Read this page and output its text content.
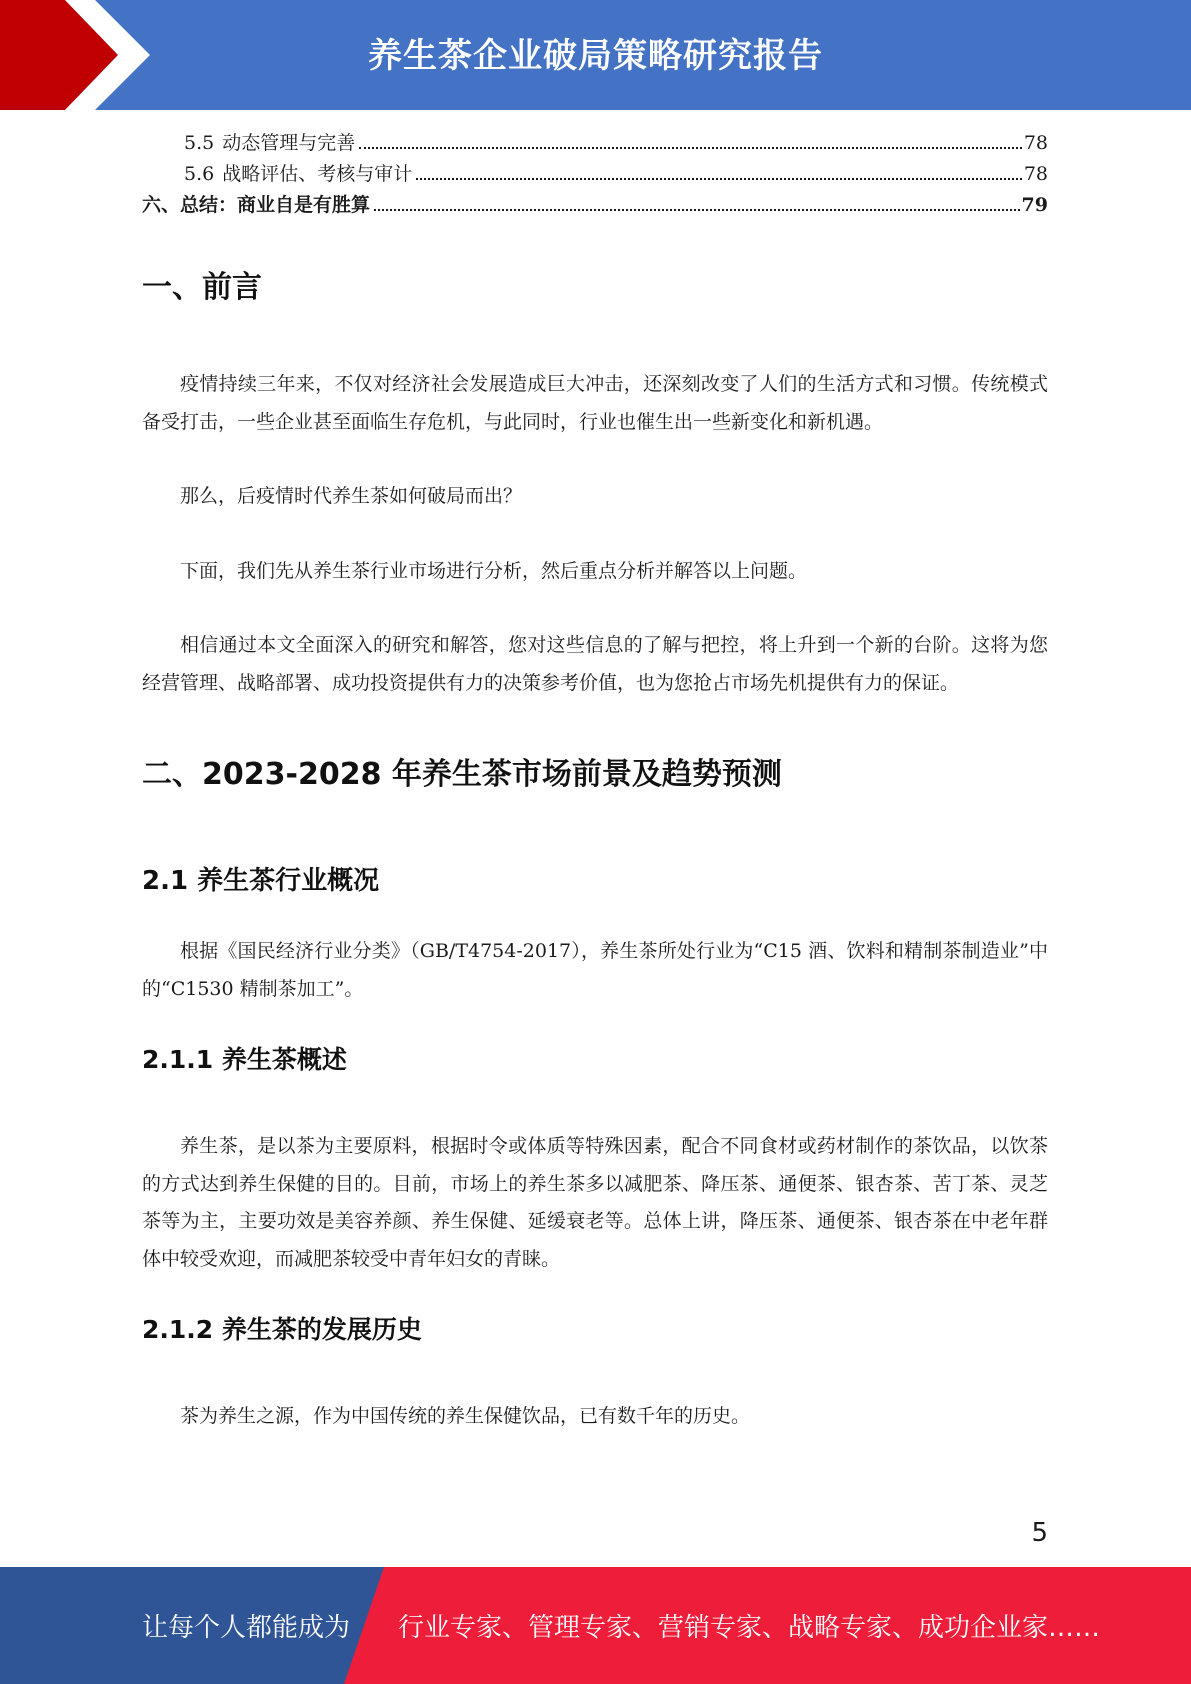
养生茶企业破局策略研究报告
5.5 动态管理与完善	78
5.6 战略评估、考核与审计	78
六、总结：商业自是有胜算	79
一、前言

疫情持续三年来，不仅对经济社会发展造成巨大冲击，还深刻改变了人们的生活方式和习惯。传统模式备受打击，一些企业甚至面临生存危机，与此同时，行业也催生出一些新变化和新机遇。

那么，后疫情时代养生茶如何破局而出？

下面，我们先从养生茶行业市场进行分析，然后重点分析并解答以上问题。

相信通过本文全面深入的研究和解答，您对这些信息的了解与把控，将上升到一个新的台阶。这将为您经营管理、战略部署、成功投资提供有力的决策参考价值，也为您抢占市场先机提供有力的保证。

二、2023-2028 年养生茶市场前景及趋势预测
2.1 养生茶行业概况

根据《国民经济行业分类》（GB/T4754-2017），养生茶所处行业为“C15 酒、饮料和精制茶制造业”中的“C1530 精制茶加工”。

2.1.1 养生茶概述

养生茶，是以茶为主要原料，根据时令或体质等特殊因素，配合不同食材或药材制作的茶饮品，以饮茶的方式达到养生保健的目的。目前，市场上的养生茶多以减肥茶、降压茶、通便茶、银杏茶、苦丁茶、灵芝茶等为主，主要功效是美容养颜、养生保健、延缓衰老等。总体上讲，降压茶、通便茶、银杏茶在中老年群体中较受欢迎，而减肥茶较受中青年妇女的青睐。

2.1.2 养生茶的发展历史

茶为养生之源，作为中国传统的养生保健饮品，已有数千年的历史。

5
让每个人都能成为 行业专家、管理专家、营销专家、战略专家、成功企业家……
